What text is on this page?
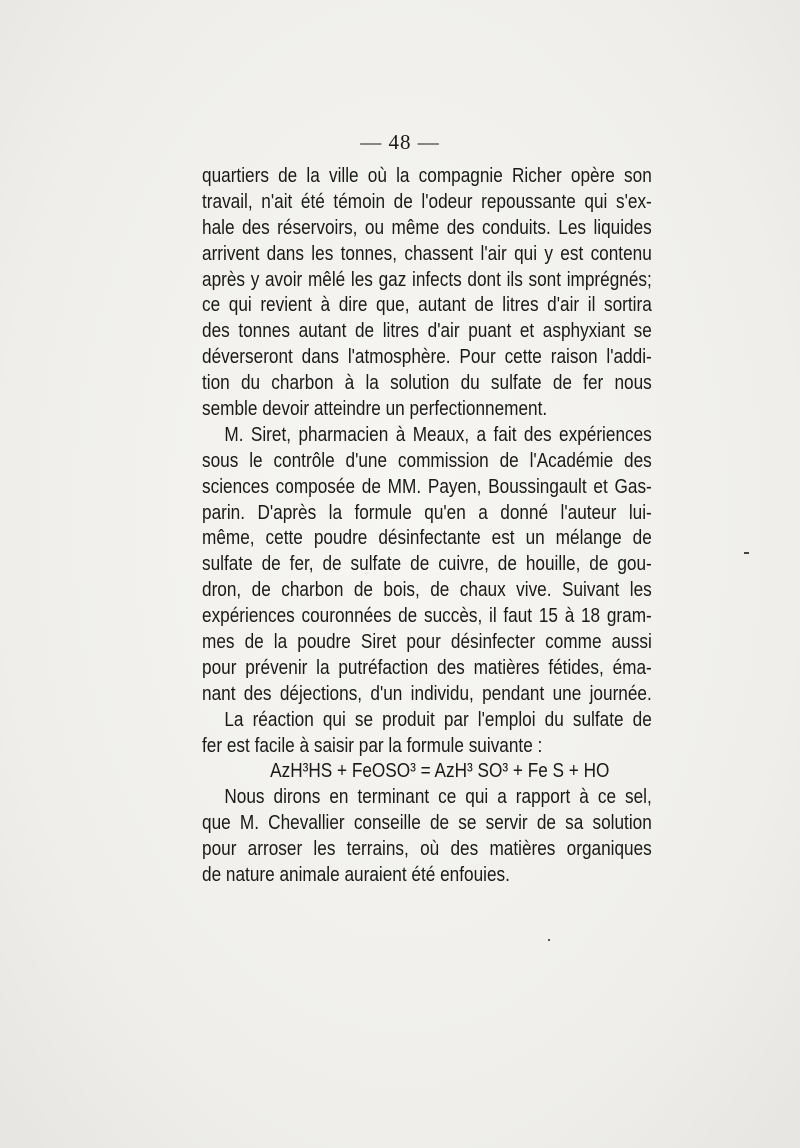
— 48 —
quartiers de la ville où la compagnie Richer opère son
travail, n'ait été témoin de l'odeur repoussante qui s'ex-
hale des réservoirs, ou même des conduits. Les liquides
arrivent dans les tonnes, chassent l'air qui y est contenu
après y avoir mêlé les gaz infects dont ils sont imprégnés;
ce qui revient à dire que, autant de litres d'air il sortira
des tonnes autant de litres d'air puant et asphyxiant se
déverseront dans l'atmosphère. Pour cette raison l'addi-
tion du charbon à la solution du sulfate de fer nous
semble devoir atteindre un perfectionnement.
M. Siret, pharmacien à Meaux, a fait des expériences
sous le contrôle d'une commission de l'Académie des
sciences composée de MM. Payen, Boussingault et Gas-
parin. D'après la formule qu'en a donné l'auteur lui-
même, cette poudre désinfectante est un mélange de
sulfate de fer, de sulfate de cuivre, de houille, de gou-
dron, de charbon de bois, de chaux vive. Suivant les
expériences couronnées de succès, il faut 15 à 18 gram-
mes de la poudre Siret pour désinfecter comme aussi
pour prévenir la putréfaction des matières fétides, éma-
nant des déjections, d'un individu, pendant une journée.
La réaction qui se produit par l'emploi du sulfate de
fer est facile à saisir par la formule suivante :
AzH³HS + FeOSO³ = AzH³ SO³ + Fe S + HO
Nous dirons en terminant ce qui a rapport à ce sel,
que M. Chevallier conseille de se servir de sa solution
pour arroser les terrains, où des matières organiques
de nature animale auraient été enfouies.
